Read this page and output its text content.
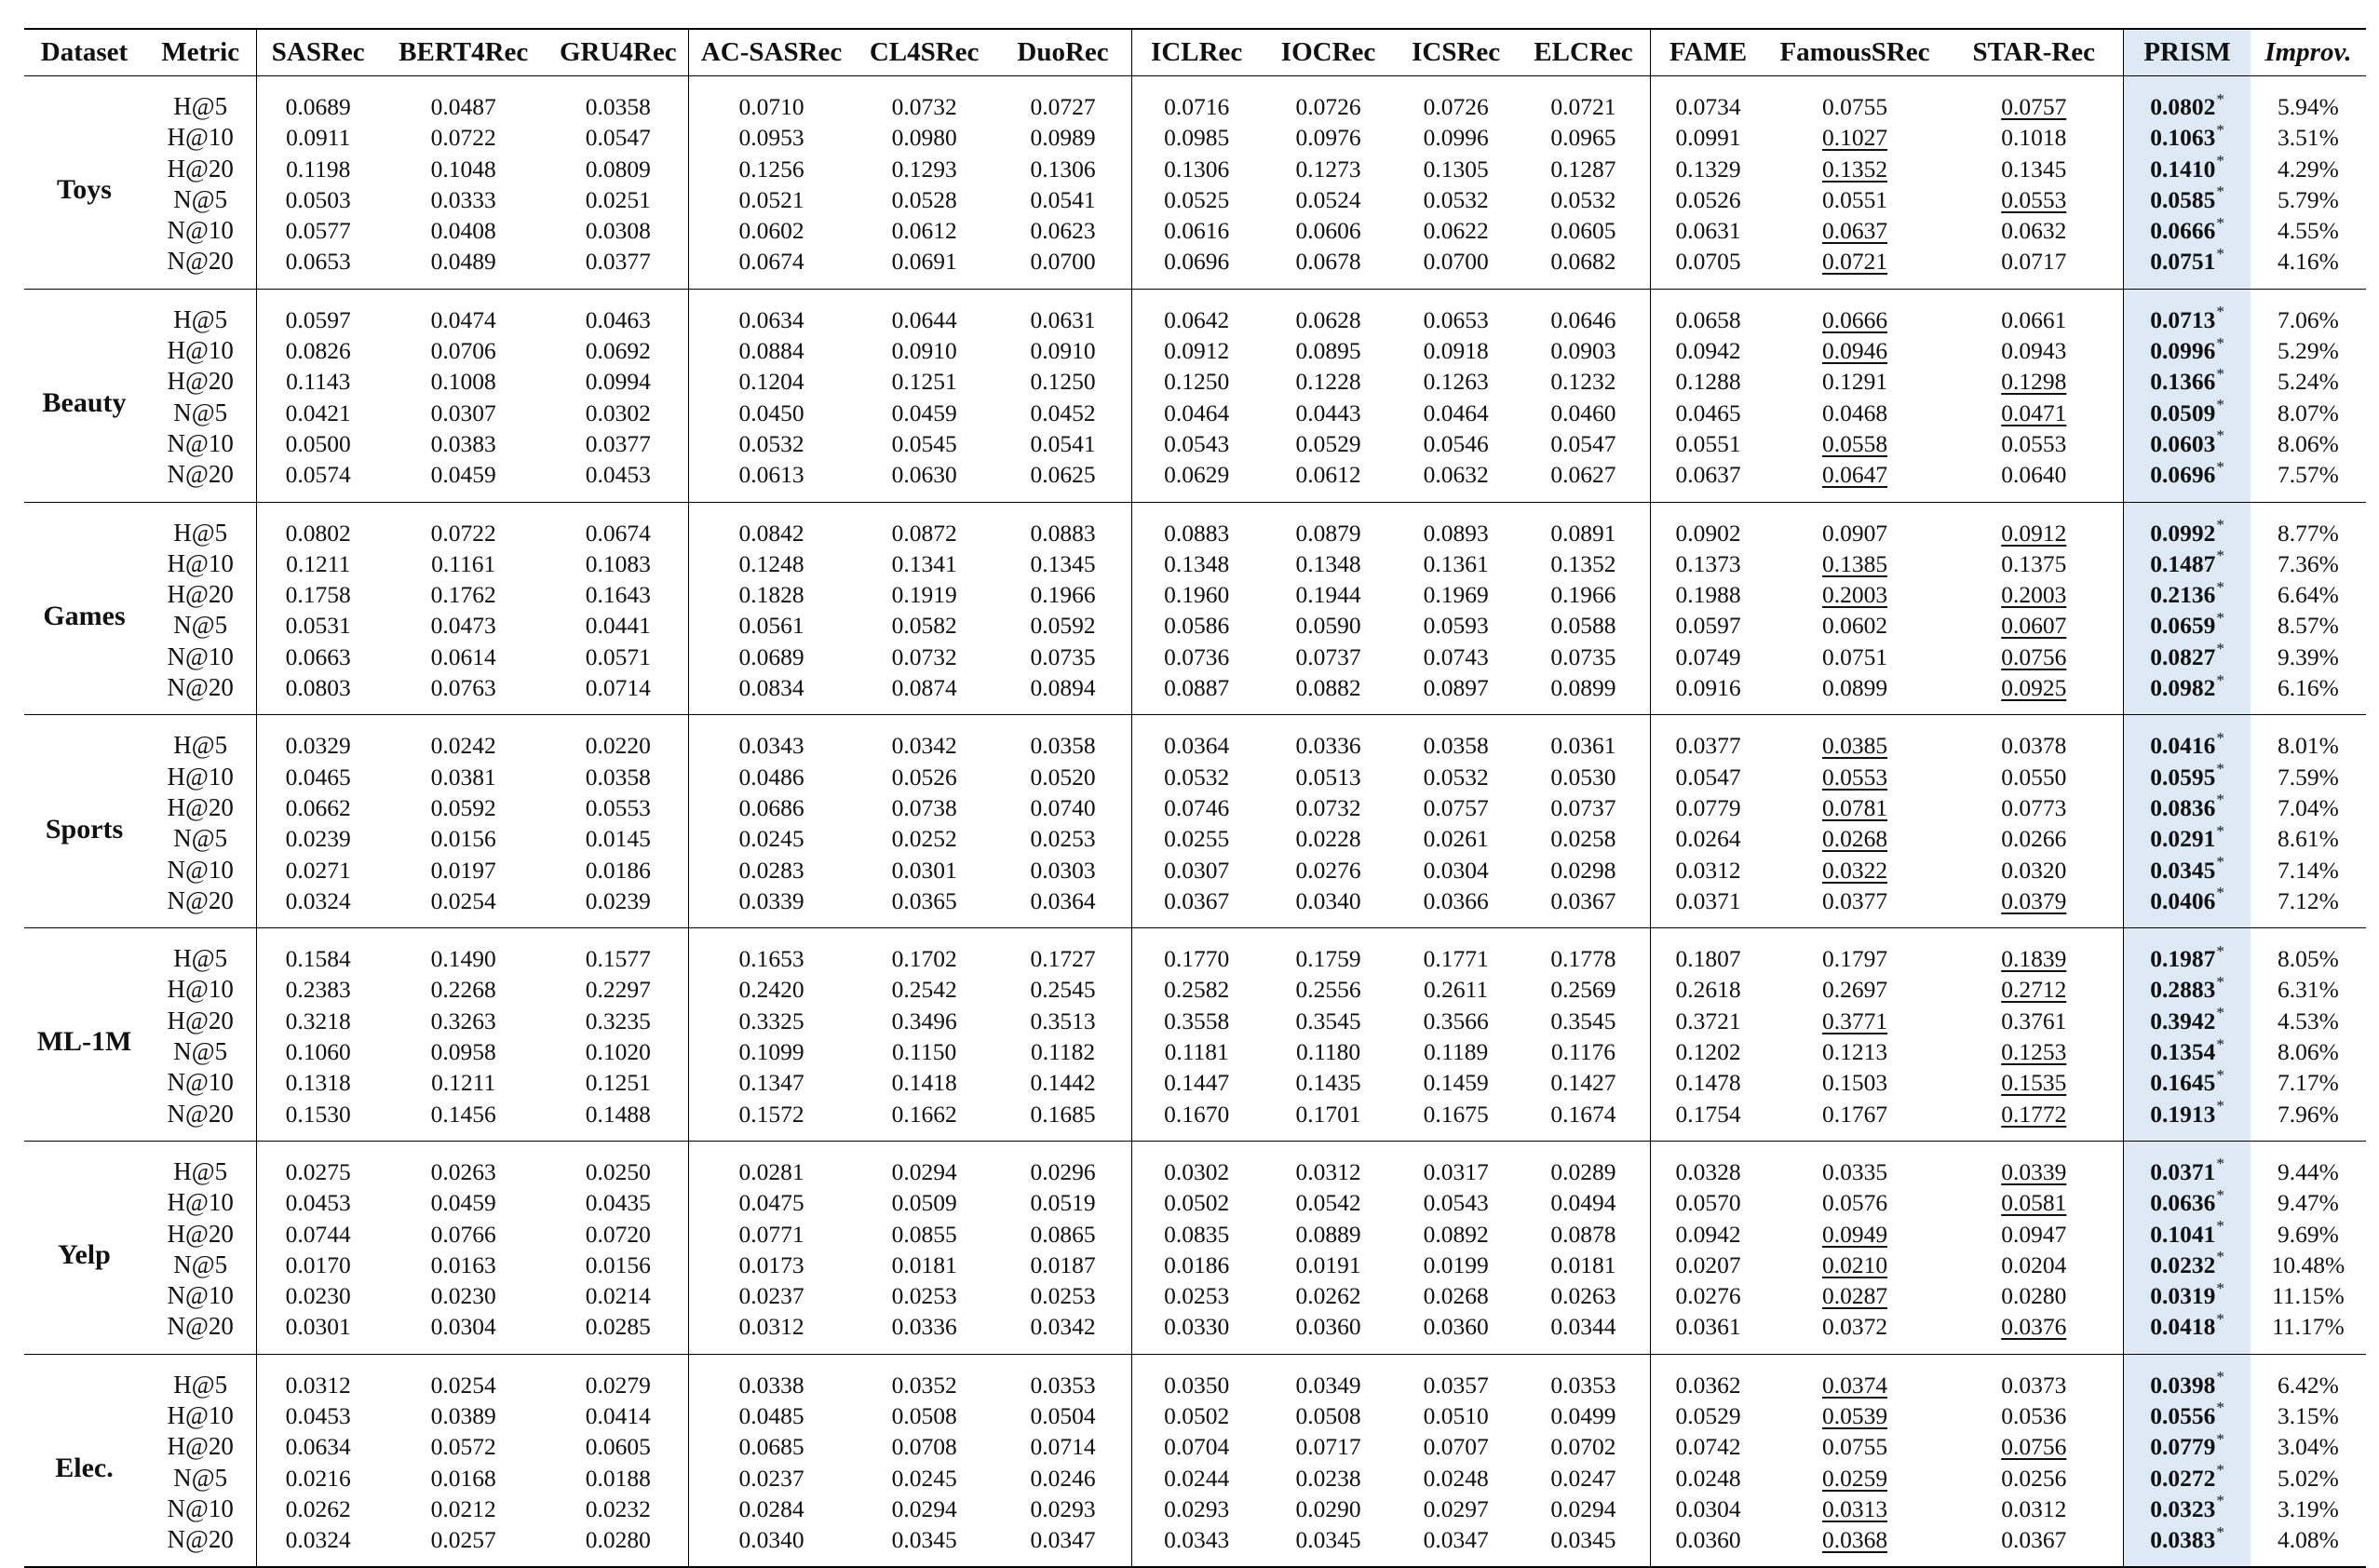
Dataset	Metric	SASRec	BERT4Rec	GRU4Rec	AC-SASRec	CL4SRec	DuoRec	ICLRec	IOCRec	ICSRec	ELCRec	FAME	FamousSRec	STAR-Rec	PRISM	Improv.
Toys	H@5	0.0689	0.0487	0.0358	0.0710	0.0732	0.0727	0.0716	0.0726	0.0726	0.0721	0.0734	0.0755	0.0757	0.0802*	5.94%
	H@10	0.0911	0.0722	0.0547	0.0953	0.0980	0.0989	0.0985	0.0976	0.0996	0.0965	0.0991	0.1027	0.1018	0.1063*	3.51%
	H@20	0.1198	0.1048	0.0809	0.1256	0.1293	0.1306	0.1306	0.1273	0.1305	0.1287	0.1329	0.1352	0.1345	0.1410*	4.29%
	N@5	0.0503	0.0333	0.0251	0.0521	0.0528	0.0541	0.0525	0.0524	0.0532	0.0532	0.0526	0.0551	0.0553	0.0585*	5.79%
	N@10	0.0577	0.0408	0.0308	0.0602	0.0612	0.0623	0.0616	0.0606	0.0622	0.0605	0.0631	0.0637	0.0632	0.0666*	4.55%
	N@20	0.0653	0.0489	0.0377	0.0674	0.0691	0.0700	0.0696	0.0678	0.0700	0.0682	0.0705	0.0721	0.0717	0.0751*	4.16%
Beauty	H@5	0.0597	0.0474	0.0463	0.0634	0.0644	0.0631	0.0642	0.0628	0.0653	0.0646	0.0658	0.0666	0.0661	0.0713*	7.06%
	H@10	0.0826	0.0706	0.0692	0.0884	0.0910	0.0910	0.0912	0.0895	0.0918	0.0903	0.0942	0.0946	0.0943	0.0996*	5.29%
	H@20	0.1143	0.1008	0.0994	0.1204	0.1251	0.1250	0.1250	0.1228	0.1263	0.1232	0.1288	0.1291	0.1298	0.1366*	5.24%
	N@5	0.0421	0.0307	0.0302	0.0450	0.0459	0.0452	0.0464	0.0443	0.0464	0.0460	0.0465	0.0468	0.0471	0.0509*	8.07%
	N@10	0.0500	0.0383	0.0377	0.0532	0.0545	0.0541	0.0543	0.0529	0.0546	0.0547	0.0551	0.0558	0.0553	0.0603*	8.06%
	N@20	0.0574	0.0459	0.0453	0.0613	0.0630	0.0625	0.0629	0.0612	0.0632	0.0627	0.0637	0.0647	0.0640	0.0696*	7.57%
Games	H@5	0.0802	0.0722	0.0674	0.0842	0.0872	0.0883	0.0883	0.0879	0.0893	0.0891	0.0902	0.0907	0.0912	0.0992*	8.77%
	H@10	0.1211	0.1161	0.1083	0.1248	0.1341	0.1345	0.1348	0.1348	0.1361	0.1352	0.1373	0.1385	0.1375	0.1487*	7.36%
	H@20	0.1758	0.1762	0.1643	0.1828	0.1919	0.1966	0.1960	0.1944	0.1969	0.1966	0.1988	0.2003	0.2003	0.2136*	6.64%
	N@5	0.0531	0.0473	0.0441	0.0561	0.0582	0.0592	0.0586	0.0590	0.0593	0.0588	0.0597	0.0602	0.0607	0.0659*	8.57%
	N@10	0.0663	0.0614	0.0571	0.0689	0.0732	0.0735	0.0736	0.0737	0.0743	0.0735	0.0749	0.0751	0.0756	0.0827*	9.39%
	N@20	0.0803	0.0763	0.0714	0.0834	0.0874	0.0894	0.0887	0.0882	0.0897	0.0899	0.0916	0.0899	0.0925	0.0982*	6.16%
Sports	H@5	0.0329	0.0242	0.0220	0.0343	0.0342	0.0358	0.0364	0.0336	0.0358	0.0361	0.0377	0.0385	0.0378	0.0416*	8.01%
	H@10	0.0465	0.0381	0.0358	0.0486	0.0526	0.0520	0.0532	0.0513	0.0532	0.0530	0.0547	0.0553	0.0550	0.0595*	7.59%
	H@20	0.0662	0.0592	0.0553	0.0686	0.0738	0.0740	0.0746	0.0732	0.0757	0.0737	0.0779	0.0781	0.0773	0.0836*	7.04%
	N@5	0.0239	0.0156	0.0145	0.0245	0.0252	0.0253	0.0255	0.0228	0.0261	0.0258	0.0264	0.0268	0.0266	0.0291*	8.61%
	N@10	0.0271	0.0197	0.0186	0.0283	0.0301	0.0303	0.0307	0.0276	0.0304	0.0298	0.0312	0.0322	0.0320	0.0345*	7.14%
	N@20	0.0324	0.0254	0.0239	0.0339	0.0365	0.0364	0.0367	0.0340	0.0366	0.0367	0.0371	0.0377	0.0379	0.0406*	7.12%
ML-1M	H@5	0.1584	0.1490	0.1577	0.1653	0.1702	0.1727	0.1770	0.1759	0.1771	0.1778	0.1807	0.1797	0.1839	0.1987*	8.05%
	H@10	0.2383	0.2268	0.2297	0.2420	0.2542	0.2545	0.2582	0.2556	0.2611	0.2569	0.2618	0.2697	0.2712	0.2883*	6.31%
	H@20	0.3218	0.3263	0.3235	0.3325	0.3496	0.3513	0.3558	0.3545	0.3566	0.3545	0.3721	0.3771	0.3761	0.3942*	4.53%
	N@5	0.1060	0.0958	0.1020	0.1099	0.1150	0.1182	0.1181	0.1180	0.1189	0.1176	0.1202	0.1213	0.1253	0.1354*	8.06%
	N@10	0.1318	0.1211	0.1251	0.1347	0.1418	0.1442	0.1447	0.1435	0.1459	0.1427	0.1478	0.1503	0.1535	0.1645*	7.17%
	N@20	0.1530	0.1456	0.1488	0.1572	0.1662	0.1685	0.1670	0.1701	0.1675	0.1674	0.1754	0.1767	0.1772	0.1913*	7.96%
Yelp	H@5	0.0275	0.0263	0.0250	0.0281	0.0294	0.0296	0.0302	0.0312	0.0317	0.0289	0.0328	0.0335	0.0339	0.0371*	9.44%
	H@10	0.0453	0.0459	0.0435	0.0475	0.0509	0.0519	0.0502	0.0542	0.0543	0.0494	0.0570	0.0576	0.0581	0.0636*	9.47%
	H@20	0.0744	0.0766	0.0720	0.0771	0.0855	0.0865	0.0835	0.0889	0.0892	0.0878	0.0942	0.0949	0.0947	0.1041*	9.69%
	N@5	0.0170	0.0163	0.0156	0.0173	0.0181	0.0187	0.0186	0.0191	0.0199	0.0181	0.0207	0.0210	0.0204	0.0232*	10.48%
	N@10	0.0230	0.0230	0.0214	0.0237	0.0253	0.0253	0.0253	0.0262	0.0268	0.0263	0.0276	0.0287	0.0280	0.0319*	11.15%
	N@20	0.0301	0.0304	0.0285	0.0312	0.0336	0.0342	0.0330	0.0360	0.0360	0.0344	0.0361	0.0372	0.0376	0.0418*	11.17%
Elec.	H@5	0.0312	0.0254	0.0279	0.0338	0.0352	0.0353	0.0350	0.0349	0.0357	0.0353	0.0362	0.0374	0.0373	0.0398*	6.42%
	H@10	0.0453	0.0389	0.0414	0.0485	0.0508	0.0504	0.0502	0.0508	0.0510	0.0499	0.0529	0.0539	0.0536	0.0556*	3.15%
	H@20	0.0634	0.0572	0.0605	0.0685	0.0708	0.0714	0.0704	0.0717	0.0707	0.0702	0.0742	0.0755	0.0756	0.0779*	3.04%
	N@5	0.0216	0.0168	0.0188	0.0237	0.0245	0.0246	0.0244	0.0238	0.0248	0.0247	0.0248	0.0259	0.0256	0.0272*	5.02%
	N@10	0.0262	0.0212	0.0232	0.0284	0.0294	0.0293	0.0293	0.0290	0.0297	0.0294	0.0304	0.0313	0.0312	0.0323*	3.19%
	N@20	0.0324	0.0257	0.0280	0.0340	0.0345	0.0347	0.0343	0.0345	0.0347	0.0345	0.0360	0.0368	0.0367	0.0383*	4.08%
